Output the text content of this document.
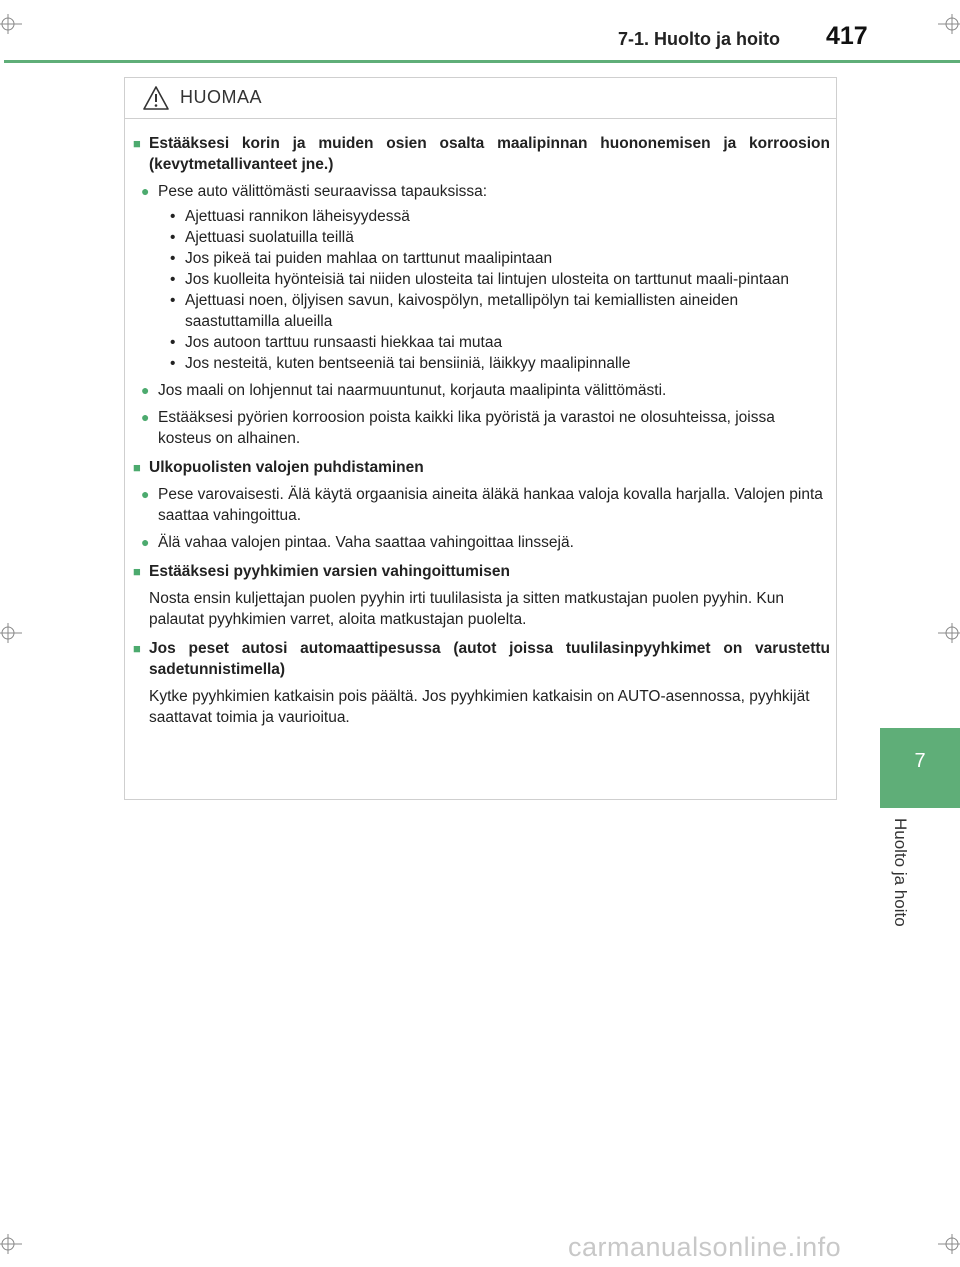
7-1. Huolto ja hoito 417
7
Huolto ja hoito
HUOMAA
■ Estääksesi korin ja muiden osien osalta maalipinnan huononemisen ja korroosion (kevytmetallivanteet jne.)
● Pese auto välittömästi seuraavissa tapauksissa:
• Ajettuasi rannikon läheisyydessä
• Ajettuasi suolatuilla teillä
• Jos pikeä tai puiden mahlaa on tarttunut maalipintaan
• Jos kuolleita hyönteisiä tai niiden ulosteita tai lintujen ulosteita on tarttunut maali-pintaan
• Ajettuasi noen, öljyisen savun, kaivospölyn, metallipölyn tai kemiallisten aineiden saastuttamilla alueilla
• Jos autoon tarttuu runsaasti hiekkaa tai mutaa
• Jos nesteitä, kuten bentseeniä tai bensiiniä, läikkyy maalipinnalle
● Jos maali on lohjennut tai naarmuuntunut, korjauta maalipinta välittömästi.
● Estääksesi pyörien korroosion poista kaikki lika pyöristä ja varastoi ne olosuhteissa, joissa kosteus on alhainen.
■ Ulkopuolisten valojen puhdistaminen
● Pese varovaisesti. Älä käytä orgaanisia aineita äläkä hankaa valoja kovalla harjalla. Valojen pinta saattaa vahingoittua.
● Älä vahaa valojen pintaa. Vaha saattaa vahingoittaa linssejä.
■ Estääksesi pyyhkimien varsien vahingoittumisen
Nosta ensin kuljettajan puolen pyyhin irti tuulilasista ja sitten matkustajan puolen pyyhin. Kun palautat pyyhkimien varret, aloita matkustajan puolelta.
■ Jos peset autosi automaattipesussa (autot joissa tuulilasinpyyhkimet on varustettu sadetunnistimella)
Kytke pyyhkimien katkaisin pois päältä. Jos pyyhkimien katkaisin on AUTO-asennossa, pyyhkijät saattavat toimia ja vaurioitua.
carmanualsonline.info
